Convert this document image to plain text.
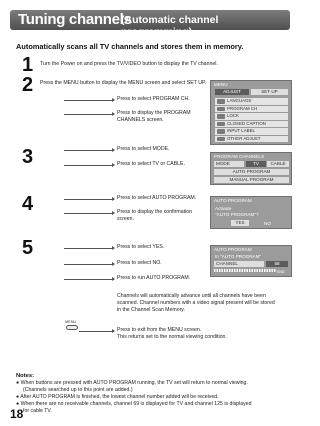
Tuning channels
(Automatic channel programming)
Automatically scans all TV channels and stores them in memory.
1 Turn the Power on and press the TV/VIDEO button to display the TV channel.
2 Press the MENU button to display the MENU screen and select SET UP.
Press to select PROGRAM CH.
Press to display the PROGRAM
CHANNELS screen.
MENU
ADJUST	SET UP
LANGUAGE
PROGRAM CH
LOCK
CLOSED CAPTION
INPUT LABEL
OTHER ADJUST
3	Press to select MODE.
Press to select TV or CABLE.
PROGRAM CHANNELS
MODE	TV	CABLE
AUTO PROGRAM
MANUAL PROGRAM
4	Press to select AUTO PROGRAM.
Press to display the confirmation
screen.
AUTO PROGRAM
Activate
"AUTO PROGRAM"?
YES	NO
5	Press to select YES.
Press to select NO.
Press to run AUTO PROGRAM.
AUTO PROGRAM
In "AUTO PROGRAM"
CHANNEL	58
END
Channels will automatically advance until all channels have been
scanned. Channel numbers with a video signal present will be stored
in the Channel Scan Memory.
MENU
Press to exit from the MENU screen.
This returns set to the normal viewing condition.
Notes:
● When buttons are pressed with AUTO PROGRAM running, the TV set will return to normal viewing.
(Channels searched up to this point are added.)
● After AUTO PROGRAM is finished, the lowest channel number added will be received.
● When there are no receivable channels, channel 69 is displayed for TV and channel 125 is displayed
for cable TV.
18
